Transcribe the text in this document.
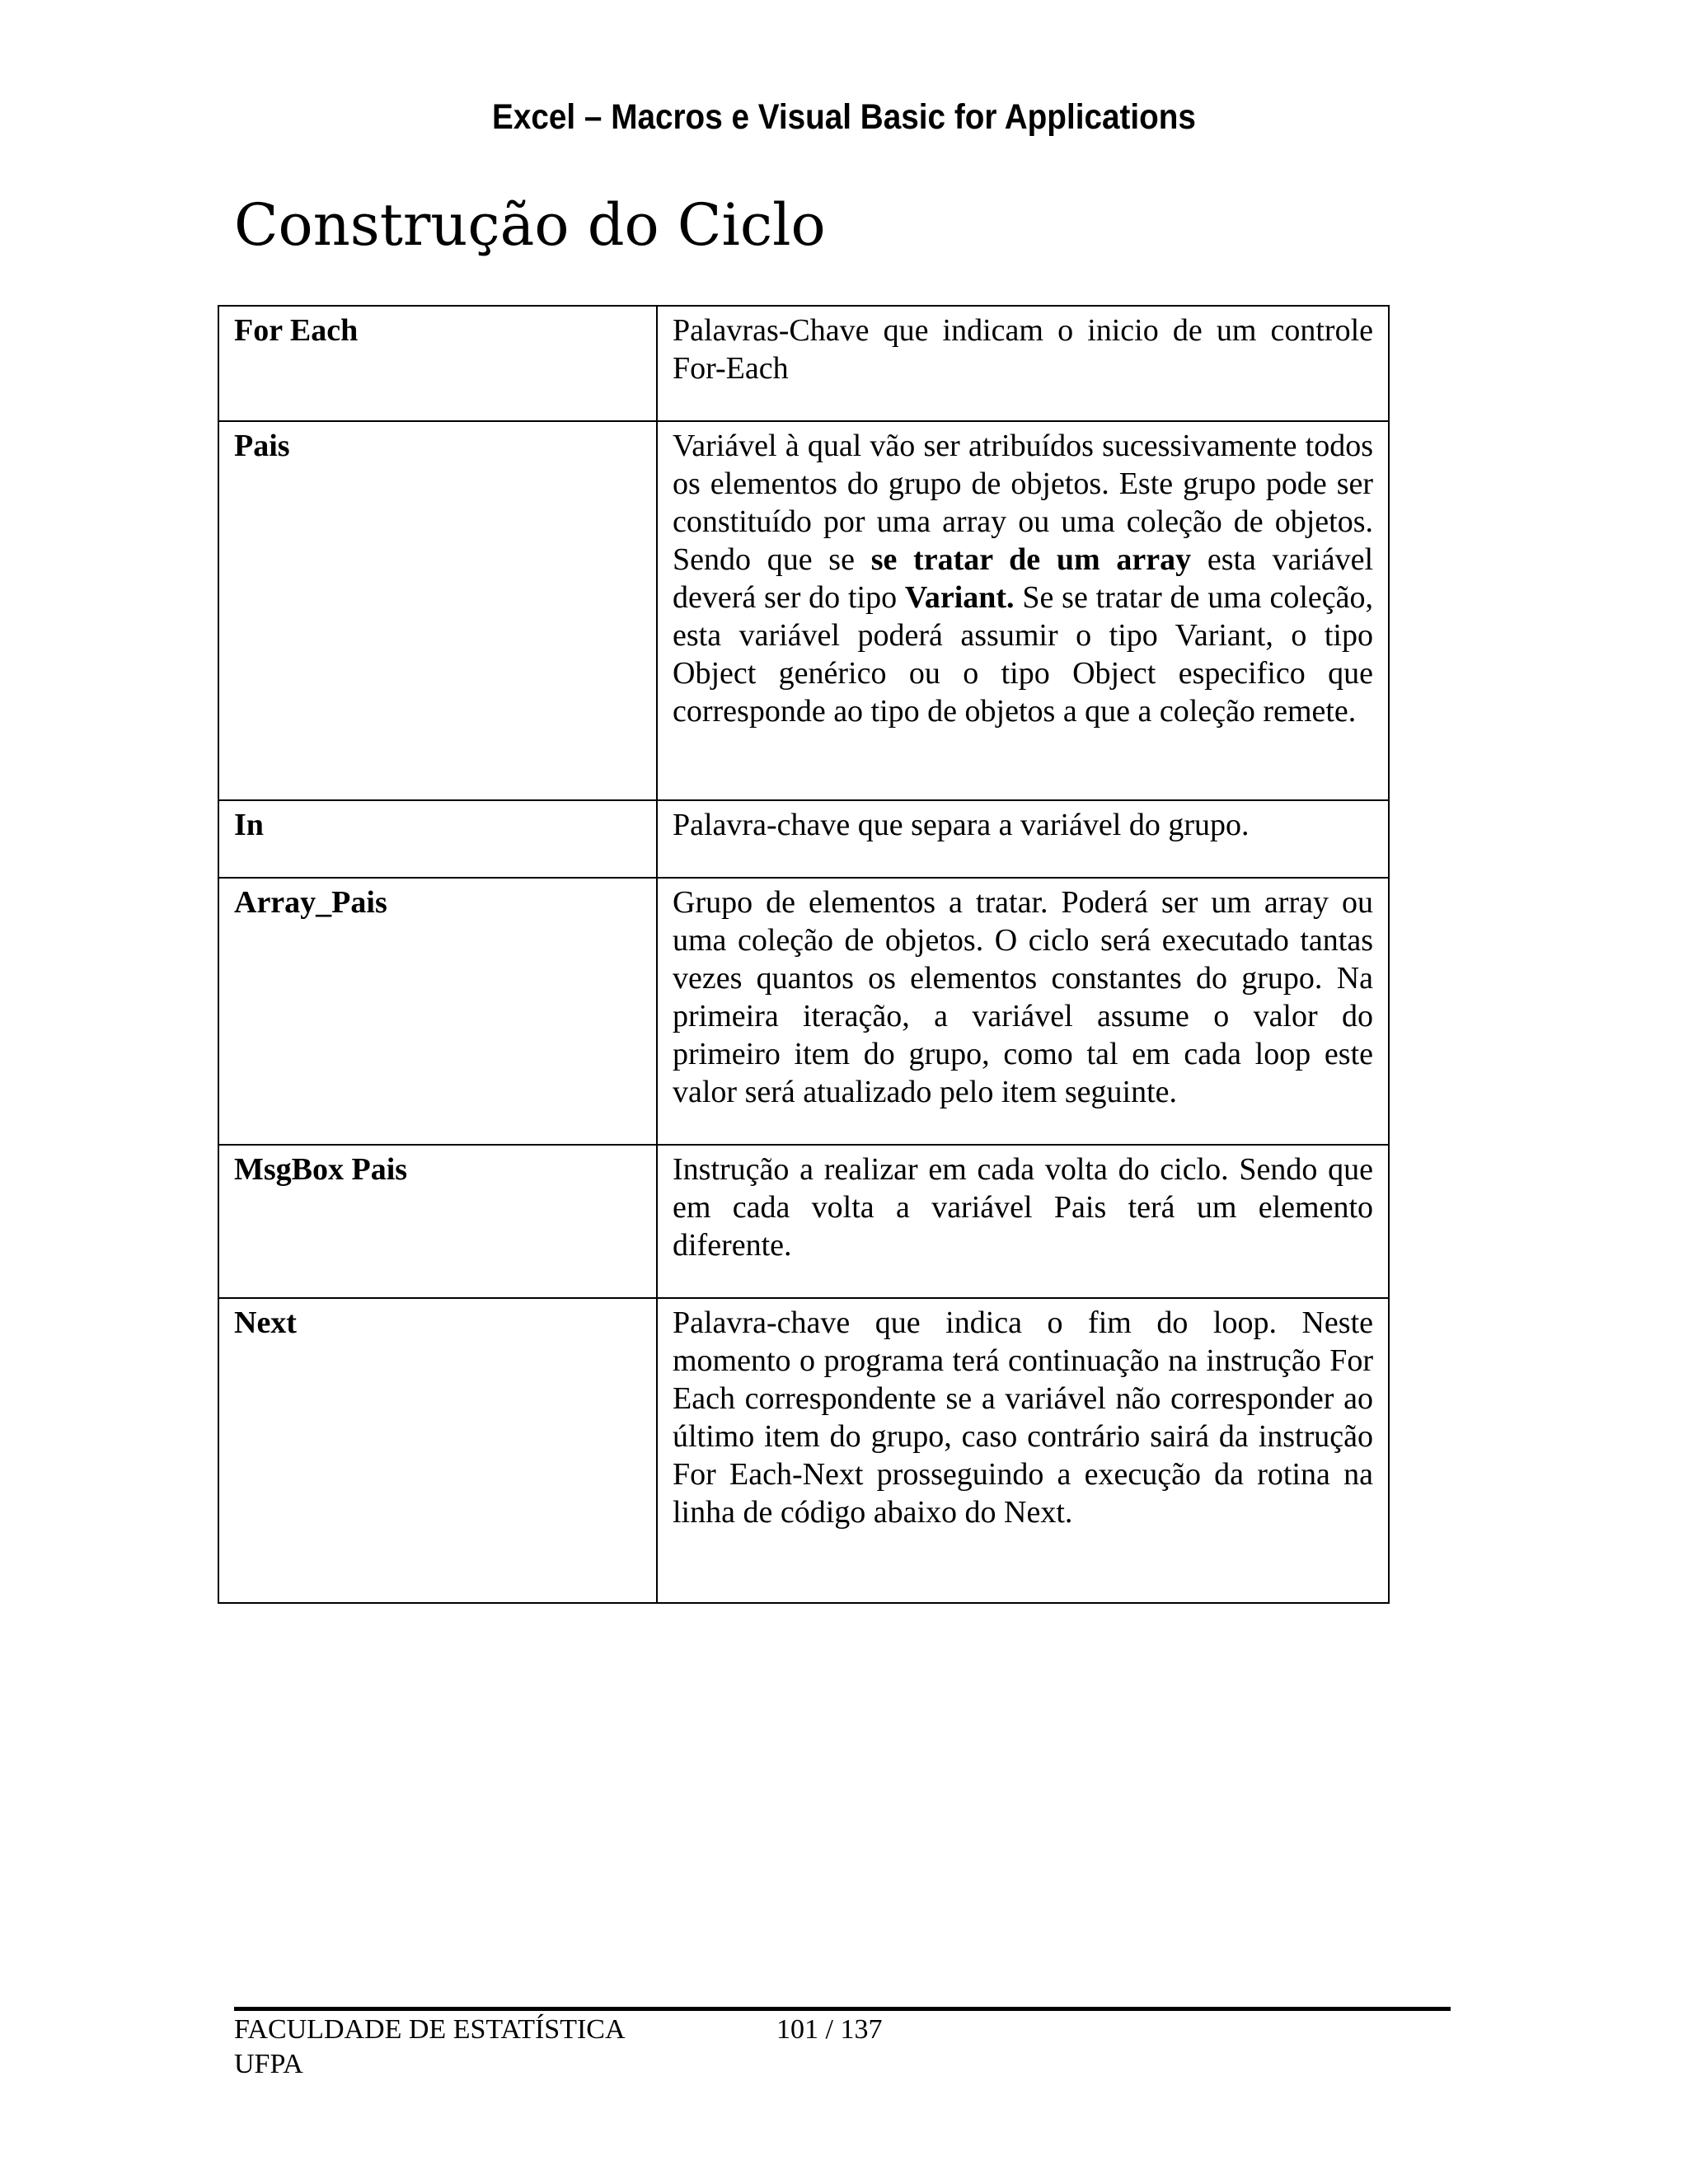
Excel – Macros e Visual Basic for Applications
Construção do Ciclo
For Each	Palavras-Chave que indicam o inicio de um controle For-Each
Pais	Variável à qual vão ser atribuídos sucessivamente todos os elementos do grupo de objetos. Este grupo pode ser constituído por uma array ou uma coleção de objetos. Sendo que se se tratar de um array esta variável deverá ser do tipo Variant. Se se tratar de uma coleção, esta variável poderá assumir o tipo Variant, o tipo Object genérico ou o tipo Object especifico que corresponde ao tipo de objetos a que a coleção remete.
In	Palavra-chave que separa a variável do grupo.
Array_Pais	Grupo de elementos a tratar. Poderá ser um array ou uma coleção de objetos. O ciclo será executado tantas vezes quantos os elementos constantes do grupo. Na primeira iteração, a variável assume o valor do primeiro item do grupo, como tal em cada loop este valor será atualizado pelo item seguinte.
MsgBox Pais	Instrução a realizar em cada volta do ciclo. Sendo que em cada volta a variável Pais terá um elemento diferente.
Next	Palavra-chave que indica o fim do loop. Neste momento o programa terá continuação na instrução For Each correspondente se a variável não corresponder ao último item do grupo, caso contrário sairá da instrução For Each-Next prosseguindo a execução da rotina na linha de código abaixo do Next.
FACULDADE DE ESTATÍSTICA
UFPA
101 / 137
